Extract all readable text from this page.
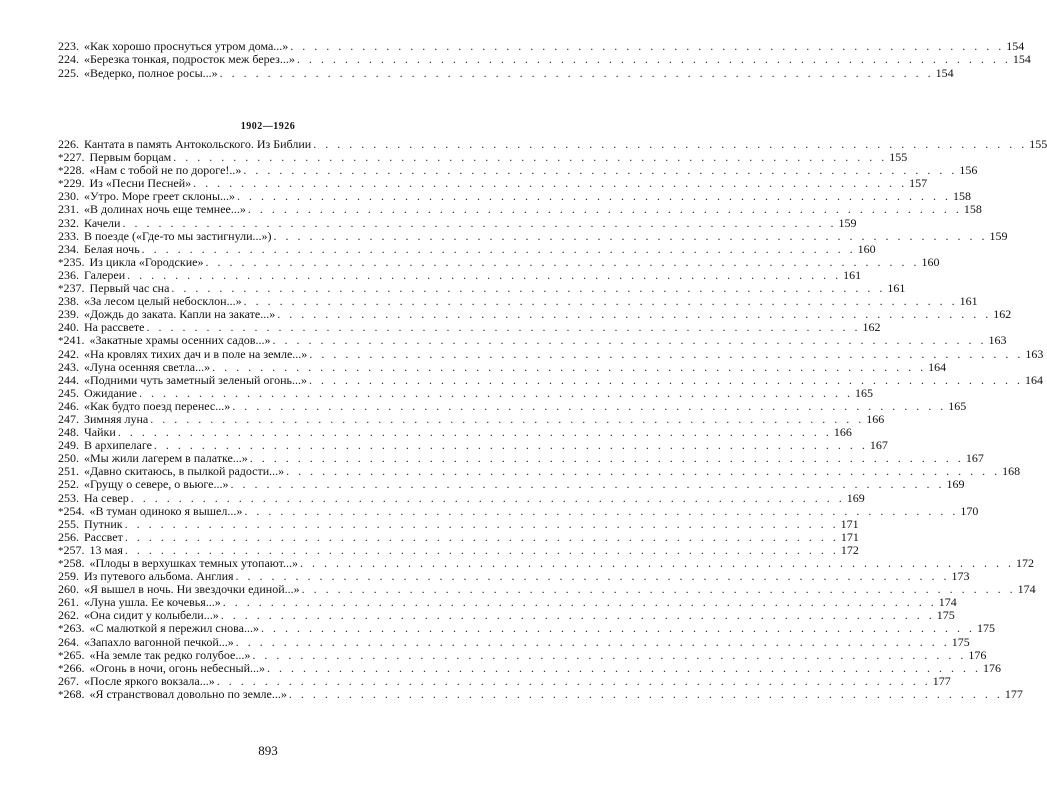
223. «Как хорошо проснуться утром дома...» . . .	154
224. «Березка тонкая, подросток меж берез...» . . .	154
225. «Ведерко, полное росы...» . . .	154
1902—1926
226. Кантата в память Антокольского. Из Библии . . .	155
* 227. Первым борцам . . .	155
* 228. «Нам с тобой не по дороге!..» . . .	156
* 229. Из «Песни Песней» . . .	157
230. «Утро. Море греет склоны...» . . .	158
231. «В долинах ночь еще темнее...» . . .	158
232. Качели . . .	159
233. В поезде («Где-то мы застигнули...») . . .	159
234. Белая ночь . . .	160
* 235. Из цикла «Городские» . . .	160
236. Галереи . . .	161
* 237. Первый час сна . . .	161
238. «За лесом целый небосклон...» . . .	161
239. «Дождь до заката. Капли на закате...» . . .	162
240. На рассвете . . .	162
* 241. «Закатные храмы осенних садов...» . . .	163
242. «На кровлях тихих дач и в поле на земле...» . . .	163
243. «Луна осенняя светла...» . . .	164
244. «Подними чуть заметный зеленый огонь...» . . .	164
245. Ожидание . . .	165
246. «Как будто поезд перенес...» . . .	165
247. Зимняя луна . . .	166
248. Чайки . . .	166
249. В архипелаге . . .	167
250. «Мы жили лагерем в палатке...» . . .	167
251. «Давно скитаюсь, в пылкой радости...» . . .	168
252. «Грущу о севере, о вьюге...» . . .	169
253. На север . . .	169
* 254. «В туман одиноко я вышел...» . . .	170
255. Путник . . .	171
256. Рассвет . . .	171
* 257. 13 мая . . .	172
* 258. «Плоды в верхушках темных утопают...» . . .	172
259. Из путевого альбома. Англия . . .	173
260. «Я вышел в ночь. Ни звездочки единой...» . . .	174
261. «Луна ушла. Ее кочевья...» . . .	174
262. «Она сидит у колыбели...» . . .	175
* 263. «С малюткой я пережил снова...» . . .	175
264. «Запахло вагонной печкой...» . . .	175
* 265. «На земле так редко голубое...» . . .	176
* 266. «Огонь в ночи, огонь небесный...» . . .	176
267. «После яркого вокзала...» . . .	177
* 268. «Я странствовал довольно по земле...» . . .	177
893
